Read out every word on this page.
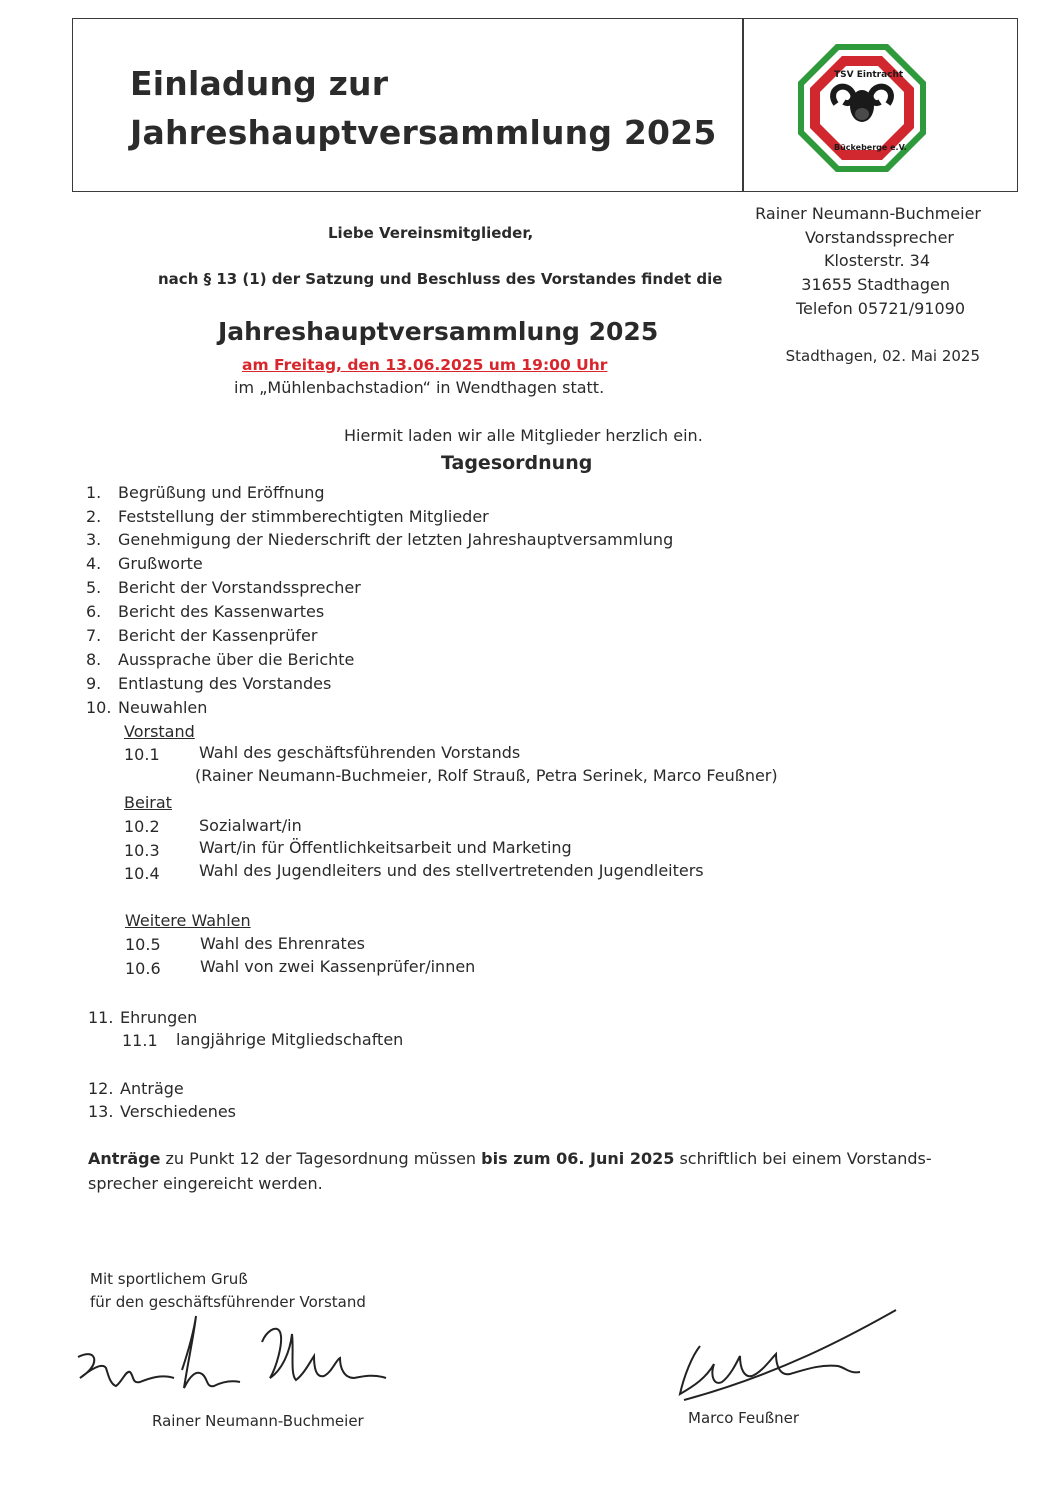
Einladung zur
Jahreshauptversammlung 2025
TSV Eintracht
Bückeberge e.V.
Rainer Neumann-Buchmeier
Vorstandssprecher
Klosterstr. 34
31655 Stadthagen
Telefon 05721/91090
Stadthagen, 02. Mai 2025
Liebe Vereinsmitglieder,
nach § 13 (1) der Satzung und Beschluss des Vorstandes findet die
Jahreshauptversammlung 2025
am Freitag, den 13.06.2025 um 19:00 Uhr
im „Mühlenbachstadion“ in Wendthagen statt.
Hiermit laden wir alle Mitglieder herzlich ein.
Tagesordnung
1. Begrüßung und Eröffnung
2. Feststellung der stimmberechtigten Mitglieder
3. Genehmigung der Niederschrift der letzten Jahreshauptversammlung
4. Grußworte
5. Bericht der Vorstandssprecher
6. Bericht des Kassenwartes
7. Bericht der Kassenprüfer
8. Aussprache über die Berichte
9. Entlastung des Vorstandes
10. Neuwahlen
Vorstand
10.1 Wahl des geschäftsführenden Vorstands
(Rainer Neumann-Buchmeier, Rolf Strauß, Petra Serinek, Marco Feußner)
Beirat
10.2 Sozialwart/in
10.3 Wart/in für Öffentlichkeitsarbeit und Marketing
10.4 Wahl des Jugendleiters und des stellvertretenden Jugendleiters
Weitere Wahlen
10.5 Wahl des Ehrenrates
10.6 Wahl von zwei Kassenprüfer/innen
11. Ehrungen
11.1 langjährige Mitgliedschaften
12. Anträge
13. Verschiedenes
Anträge zu Punkt 12 der Tagesordnung müssen bis zum 06. Juni 2025 schriftlich bei einem Vorstands-
sprecher eingereicht werden.
Mit sportlichem Gruß
für den geschäftsführender Vorstand
Rainer Neumann-Buchmeier	Marco Feußner
